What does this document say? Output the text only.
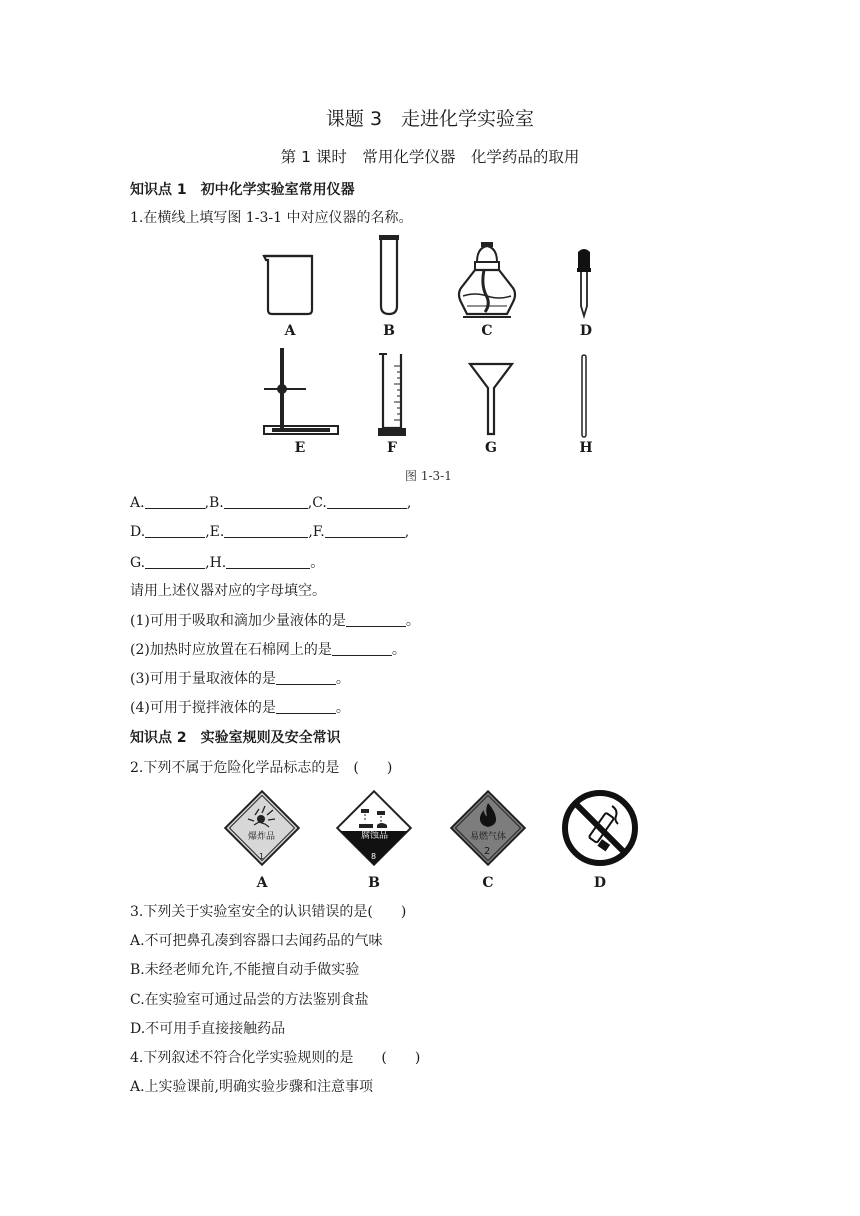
课题 3　走进化学实验室
第 1 课时　常用化学仪器　化学药品的取用
知识点 1　初中化学实验室常用仪器
1.在横线上填写图 1-3-1 中对应仪器的名称。
A	B	C	D
E	F	G	H
图 1-3-1
A.	,B.	,C.	,
D.	,E.	,F.	,
G.	,H.	。
请用上述仪器对应的字母填空。
(1)可用于吸取和滴加少量液体的是	。
(2)加热时应放置在石棉网上的是	。
(3)可用于量取液体的是	。
(4)可用于搅拌液体的是	。
知识点 2　实验室规则及安全常识
2.下列不属于危险化学品标志的是　(　　)
爆炸品
1
腐蚀品
8
易燃气体
2
A	B	C	D
3.下列关于实验室安全的认识错误的是(　　)
A.不可把鼻孔凑到容器口去闻药品的气味
B.未经老师允许,不能擅自动手做实验
C.在实验室可通过品尝的方法鉴别食盐
D.不可用手直接接触药品
4.下列叙述不符合化学实验规则的是　　(　　)
A.上实验课前,明确实验步骤和注意事项
